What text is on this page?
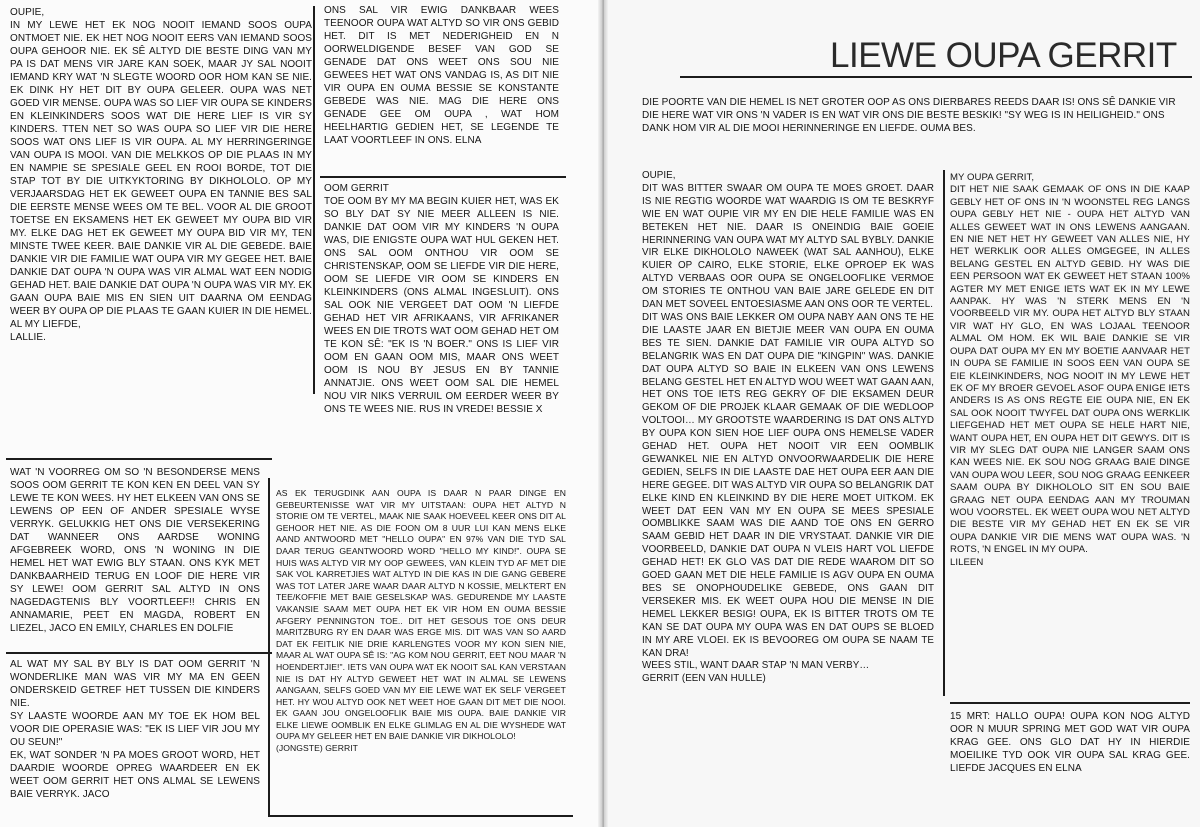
OUPIE,
IN MY LEWE HET EK NOG NOOIT IEMAND SOOS OUPA ONTMOET NIE. EK HET NOG NOOIT EERS VAN IEMAND SOOS OUPA GEHOOR NIE. EK SÊ ALTYD DIE BESTE DING VAN MY PA IS DAT MENS VIR JARE KAN SOEK, MAAR JY SAL NOOIT IEMAND KRY WAT 'N SLEGTE WOORD OOR HOM KAN SE NIE. EK DINK HY HET DIT BY OUPA GELEER. OUPA WAS NET GOED VIR MENSE. OUPA WAS SO LIEF VIR OUPA SE KINDERS EN KLEINKINDERS SOOS WAT DIE HERE LIEF IS VIR SY KINDERS. TTEN NET SO WAS OUPA SO LIEF VIR DIE HERE SOOS WAT ONS LIEF IS VIR OUPA. AL MY HERRINGERINGE VAN OUPA IS MOOI. VAN DIE MELKKOS OP DIE PLAAS IN MY EN NAMPIE SE SPESIALE GEEL EN ROOI BORDE, TOT DIE STAP TOT BY DIE UITKYKTORING BY DIKHOLOLO. OP MY VERJAARSDAG HET EK GEWEET OUPA EN TANNIE BES SAL DIE EERSTE MENSE WEES OM TE BEL. VOOR AL DIE GROOT TOETSE EN EKSAMENS HET EK GEWEET MY OUPA BID VIR MY. ELKE DAG HET EK GEWEET MY OUPA BID VIR MY, TEN MINSTE TWEE KEER. BAIE DANKIE VIR AL DIE GEBEDE. BAIE DANKIE VIR DIE FAMILIE WAT OUPA VIR MY GEGEE HET. BAIE DANKIE DAT OUPA 'N OUPA WAS VIR ALMAL WAT EEN NODIG GEHAD HET. BAIE DANKIE DAT OUPA 'N OUPA WAS VIR MY. EK GAAN OUPA BAIE MIS EN SIEN UIT DAARNA OM EENDAG WEER BY OUPA OP DIE PLAAS TE GAAN KUIER IN DIE HEMEL.
AL MY LIEFDE,
LALLIE.
WAT 'N VOORREG OM SO 'N BESONDERSE MENS SOOS OOM GERRIT TE KON KEN EN DEEL VAN SY LEWE TE KON WEES. HY HET ELKEEN VAN ONS SE LEWENS OP EEN OF ANDER SPESIALE WYSE VERRYK. GELUKKIG HET ONS DIE VERSEKERING DAT WANNEER ONS AARDSE WONING AFGEBREEK WORD, ONS 'N WONING IN DIE HEMEL HET WAT EWIG BLY STAAN. ONS KYK MET DANKBAARHEID TERUG EN LOOF DIE HERE VIR SY LEWE! OOM GERRIT SAL ALTYD IN ONS NAGEDAGTENIS BLY VOORTLEEF!! CHRIS EN ANNAMARIE, PEET EN MAGDA, ROBERT EN LIEZEL, JACO EN EMILY, CHARLES EN DOLFIE
AL WAT MY SAL BY BLY IS DAT OOM GERRIT 'N WONDERLIKE MAN WAS VIR MY MA EN GEEN ONDERSKEID GETREF HET TUSSEN DIE KINDERS NIE.
SY LAASTE WOORDE AAN MY TOE EK HOM BEL VOOR DIE OPERASIE WAS: "EK IS LIEF VIR JOU MY OU SEUN!"
EK, WAT SONDER 'N PA MOES GROOT WORD, HET DAARDIE WOORDE OPREG WAARDEER EN EK WEET OOM GERRIT HET ONS ALMAL SE LEWENS BAIE VERRYK. JACO
ONS SAL VIR EWIG DANKBAAR WEES TEENOOR OUPA WAT ALTYD SO VIR ONS GEBID HET. DIT IS MET NEDERIGHEID EN N OORWELDIGENDE BESEF VAN GOD SE GENADE DAT ONS WEET ONS SOU NIE GEWEES HET WAT ONS VANDAG IS, AS DIT NIE VIR OUPA EN OUMA BESSIE SE KONSTANTE GEBEDE WAS NIE. MAG DIE HERE ONS GENADE GEE OM OUPA , WAT HOM HEELHARTIG GEDIEN HET, SE LEGENDE TE LAAT VOORTLEEF IN ONS. ELNA
OOM GERRIT
TOE OOM BY MY MA BEGIN KUIER HET, WAS EK SO BLY DAT SY NIE MEER ALLEEN IS NIE. DANKIE DAT OOM VIR MY KINDERS 'N OUPA WAS, DIE ENIGSTE OUPA WAT HUL GEKEN HET. ONS SAL OOM ONTHOU VIR OOM SE CHRISTENSKAP, OOM SE LIEFDE VIR DIE HERE, OOM SE LIEFDE VIR OOM SE KINDERS EN KLEINKINDERS (ONS ALMAL INGESLUIT). ONS SAL OOK NIE VERGEET DAT OOM 'N LIEFDE GEHAD HET VIR AFRIKAANS, VIR AFRIKANER WEES EN DIE TROTS WAT OOM GEHAD HET OM TE KON SÊ: "EK IS 'N BOER." ONS IS LIEF VIR OOM EN GAAN OOM MIS, MAAR ONS WEET OOM IS NOU BY JESUS EN BY TANNIE ANNATJIE. ONS WEET OOM SAL DIE HEMEL NOU VIR NIKS VERRUIL OM EERDER WEER BY ONS TE WEES NIE. RUS IN VREDE! BESSIE X
AS EK TERUGDINK AAN OUPA IS DAAR N PAAR DINGE EN GEBEURTENISSE WAT VIR MY UITSTAAN: OUPA HET ALTYD N STORIE OM TE VERTEL, MAAK NIE SAAK HOEVEEL KEER ONS DIT AL GEHOOR HET NIE. AS DIE FOON OM 8 UUR LUI KAN MENS ELKE AAND ANTWOORD MET "HELLO OUPA" EN 97% VAN DIE TYD SAL DAAR TERUG GEANTWOORD WORD "HELLO MY KIND!". OUPA SE HUIS WAS ALTYD VIR MY OOP GEWEES, VAN KLEIN TYD AF MET DIE SAK VOL KARRETJIES WAT ALTYD IN DIE KAS IN DIE GANG GEBERE WAS TOT LATER JARE WAAR DAAR ALTYD N KOSSIE, MELKTERT EN TEE/KOFFIE MET BAIE GESELSKAP WAS. GEDURENDE MY LAASTE VAKANSIE SAAM MET OUPA HET EK VIR HOM EN OUMA BESSIE AFGERY PENNINGTON TOE.. DIT HET GESOUS TOE ONS DEUR MARITZBURG RY EN DAAR WAS ERGE MIS. DIT WAS VAN SO AARD DAT EK FEITLIK NIE DRIE KARLENGTES VOOR MY KON SIEN NIE, MAAR AL WAT OUPA SÊ IS: "AG KOM NOU GERRIT, EET NOU MAAR 'N HOENDERTJIE!". IETS VAN OUPA WAT EK NOOIT SAL KAN VERSTAAN NIE IS DAT HY ALTYD GEWEET HET WAT IN ALMAL SE LEWENS AANGAAN, SELFS GOED VAN MY EIE LEWE WAT EK SELF VERGEET HET. HY WOU ALTYD OOK NET WEET HOE GAAN DIT MET DIE NOOI. EK GAAN JOU ONGELOOFLIK BAIE MIS OUPA. BAIE DANKIE VIR ELKE LIEWE OOMBLIK EN ELKE GLIMLAG EN AL DIE WYSHEDE WAT OUPA MY GELEER HET EN BAIE DANKIE VIR DIKHOLOLO!
(JONGSTE) GERRIT
LIEWE OUPA GERRIT
DIE POORTE VAN DIE HEMEL IS NET GROTER OOP AS ONS DIERBARES REEDS DAAR IS! ONS SÊ DANKIE VIR DIE HERE WAT VIR ONS 'N VADER IS EN WAT VIR ONS DIE BESTE BESKIK! "SY WEG IS IN HEILIGHEID." ONS DANK HOM VIR AL DIE MOOI HERINNERINGE EN LIEFDE. OUMA BES.
OUPIE,
DIT WAS BITTER SWAAR OM OUPA TE MOES GROET. DAAR IS NIE REGTIG WOORDE WAT WAARDIG IS OM TE BESKRYF WIE EN WAT OUPIE VIR MY EN DIE HELE FAMILIE WAS EN BETEKEN HET NIE. DAAR IS ONEINDIG BAIE GOEIE HERINNERING VAN OUPA WAT MY ALTYD SAL BYBLY. DANKIE VIR ELKE DIKHOLOLO NAWEEK (WAT SAL AANHOU), ELKE KUIER OP CAIRO, ELKE STORIE, ELKE OPROEP EK WAS ALTYD VERBAAS OOR OUPA SE ONGELOOFLIKE VERMOE OM STORIES TE ONTHOU VAN BAIE JARE GELEDE EN DIT DAN MET SOVEEL ENTOESIASME AAN ONS OOR TE VERTEL.
DIT WAS ONS BAIE LEKKER OM OUPA NABY AAN ONS TE HE DIE LAASTE JAAR EN BIETJIE MEER VAN OUPA EN OUMA BES TE SIEN. DANKIE DAT FAMILIE VIR OUPA ALTYD SO BELANGRIK WAS EN DAT OUPA DIE "KINGPIN" WAS. DANKIE DAT OUPA ALTYD SO BAIE IN ELKEEN VAN ONS LEWENS BELANG GESTEL HET EN ALTYD WOU WEET WAT GAAN AAN, HET ONS TOE IETS REG GEKRY OF DIE EKSAMEN DEUR GEKOM OF DIE PROJEK KLAAR GEMAAK OF DIE WEDLOOP VOLTOOI… MY GROOTSTE WAARDERING IS DAT ONS ALTYD BY OUPA KON SIEN HOE LIEF OUPA ONS HEMELSE VADER GEHAD HET. OUPA HET NOOIT VIR EEN OOMBLIK GEWANKEL NIE EN ALTYD ONVOORWAARDELIK DIE HERE GEDIEN, SELFS IN DIE LAASTE DAE HET OUPA EER AAN DIE HERE GEGEE. DIT WAS ALTYD VIR OUPA SO BELANGRIK DAT ELKE KIND EN KLEINKIND BY DIE HERE MOET UITKOM. EK WEET DAT EEN VAN MY EN OUPA SE MEES SPESIALE OOMBLIKKE SAAM WAS DIE AAND TOE ONS EN GERRO SAAM GEBID HET DAAR IN DIE VRYSTAAT. DANKIE VIR DIE VOORBEELD, DANKIE DAT OUPA N VLEIS HART VOL LIEFDE GEHAD HET! EK GLO VAS DAT DIE REDE WAAROM DIT SO GOED GAAN MET DIE HELE FAMILIE IS AGV OUPA EN OUMA BES SE ONOPHOUDELIKE GEBEDE, ONS GAAN DIT VERSEKER MIS. EK WEET OUPA HOU DIE MENSE IN DIE HEMEL LEKKER BESIG! OUPA, EK IS BITTER TROTS OM TE KAN SE DAT OUPA MY OUPA WAS EN DAT OUPS SE BLOED IN MY ARE VLOEI. EK IS BEVOOREG OM OUPA SE NAAM TE KAN DRA!
WEES STIL, WANT DAAR STAP 'N MAN VERBY…
GERRIT (EEN VAN HULLE)
MY OUPA GERRIT,
DIT HET NIE SAAK GEMAAK OF ONS IN DIE KAAP GEBLY HET OF ONS IN 'N WOONSTEL REG LANGS OUPA GEBLY HET NIE - OUPA HET ALTYD VAN ALLES GEWEET WAT IN ONS LEWENS AANGAAN. EN NIE NET HET HY GEWEET VAN ALLES NIE, HY HET WERKLIK OOR ALLES OMGEGEE, IN ALLES BELANG GESTEL EN ALTYD GEBID. HY WAS DIE EEN PERSOON WAT EK GEWEET HET STAAN 100% AGTER MY MET ENIGE IETS WAT EK IN MY LEWE AANPAK. HY WAS 'N STERK MENS EN 'N VOORBEELD VIR MY. OUPA HET ALTYD BLY STAAN VIR WAT HY GLO, EN WAS LOJAAL TEENOOR ALMAL OM HOM. EK WIL BAIE DANKIE SE VIR OUPA DAT OUPA MY EN MY BOETIE AANVAAR HET IN OUPA SE FAMILIE IN SOOS EEN VAN OUPA SE EIE KLEINKINDERS, NOG NOOIT IN MY LEWE HET EK OF MY BROER GEVOEL ASOF OUPA ENIGE IETS ANDERS IS AS ONS REGTE EIE OUPA NIE, EN EK SAL OOK NOOIT TWYFEL DAT OUPA ONS WERKLIK LIEFGEHAD HET MET OUPA SE HELE HART NIE, WANT OUPA HET, EN OUPA HET DIT GEWYS. DIT IS VIR MY SLEG DAT OUPA NIE LANGER SAAM ONS KAN WEES NIE. EK SOU NOG GRAAG BAIE DINGE VAN OUPA WOU LEER, SOU NOG GRAAG EENKEER SAAM OUPA BY DIKHOLOLO SIT EN SOU BAIE GRAAG NET OUPA EENDAG AAN MY TROUMAN WOU VOORSTEL. EK WEET OUPA WOU NET ALTYD DIE BESTE VIR MY GEHAD HET EN EK SE VIR OUPA DANKIE VIR DIE MENS WAT OUPA WAS. 'N ROTS, 'N ENGEL IN MY OUPA.
LILEEN
15 MRT: HALLO OUPA! OUPA KON NOG ALTYD OOR N MUUR SPRING MET GOD WAT VIR OUPA KRAG GEE. ONS GLO DAT HY IN HIERDIE MOEILIKE TYD OOK VIR OUPA SAL KRAG GEE. LIEFDE JACQUES EN ELNA
